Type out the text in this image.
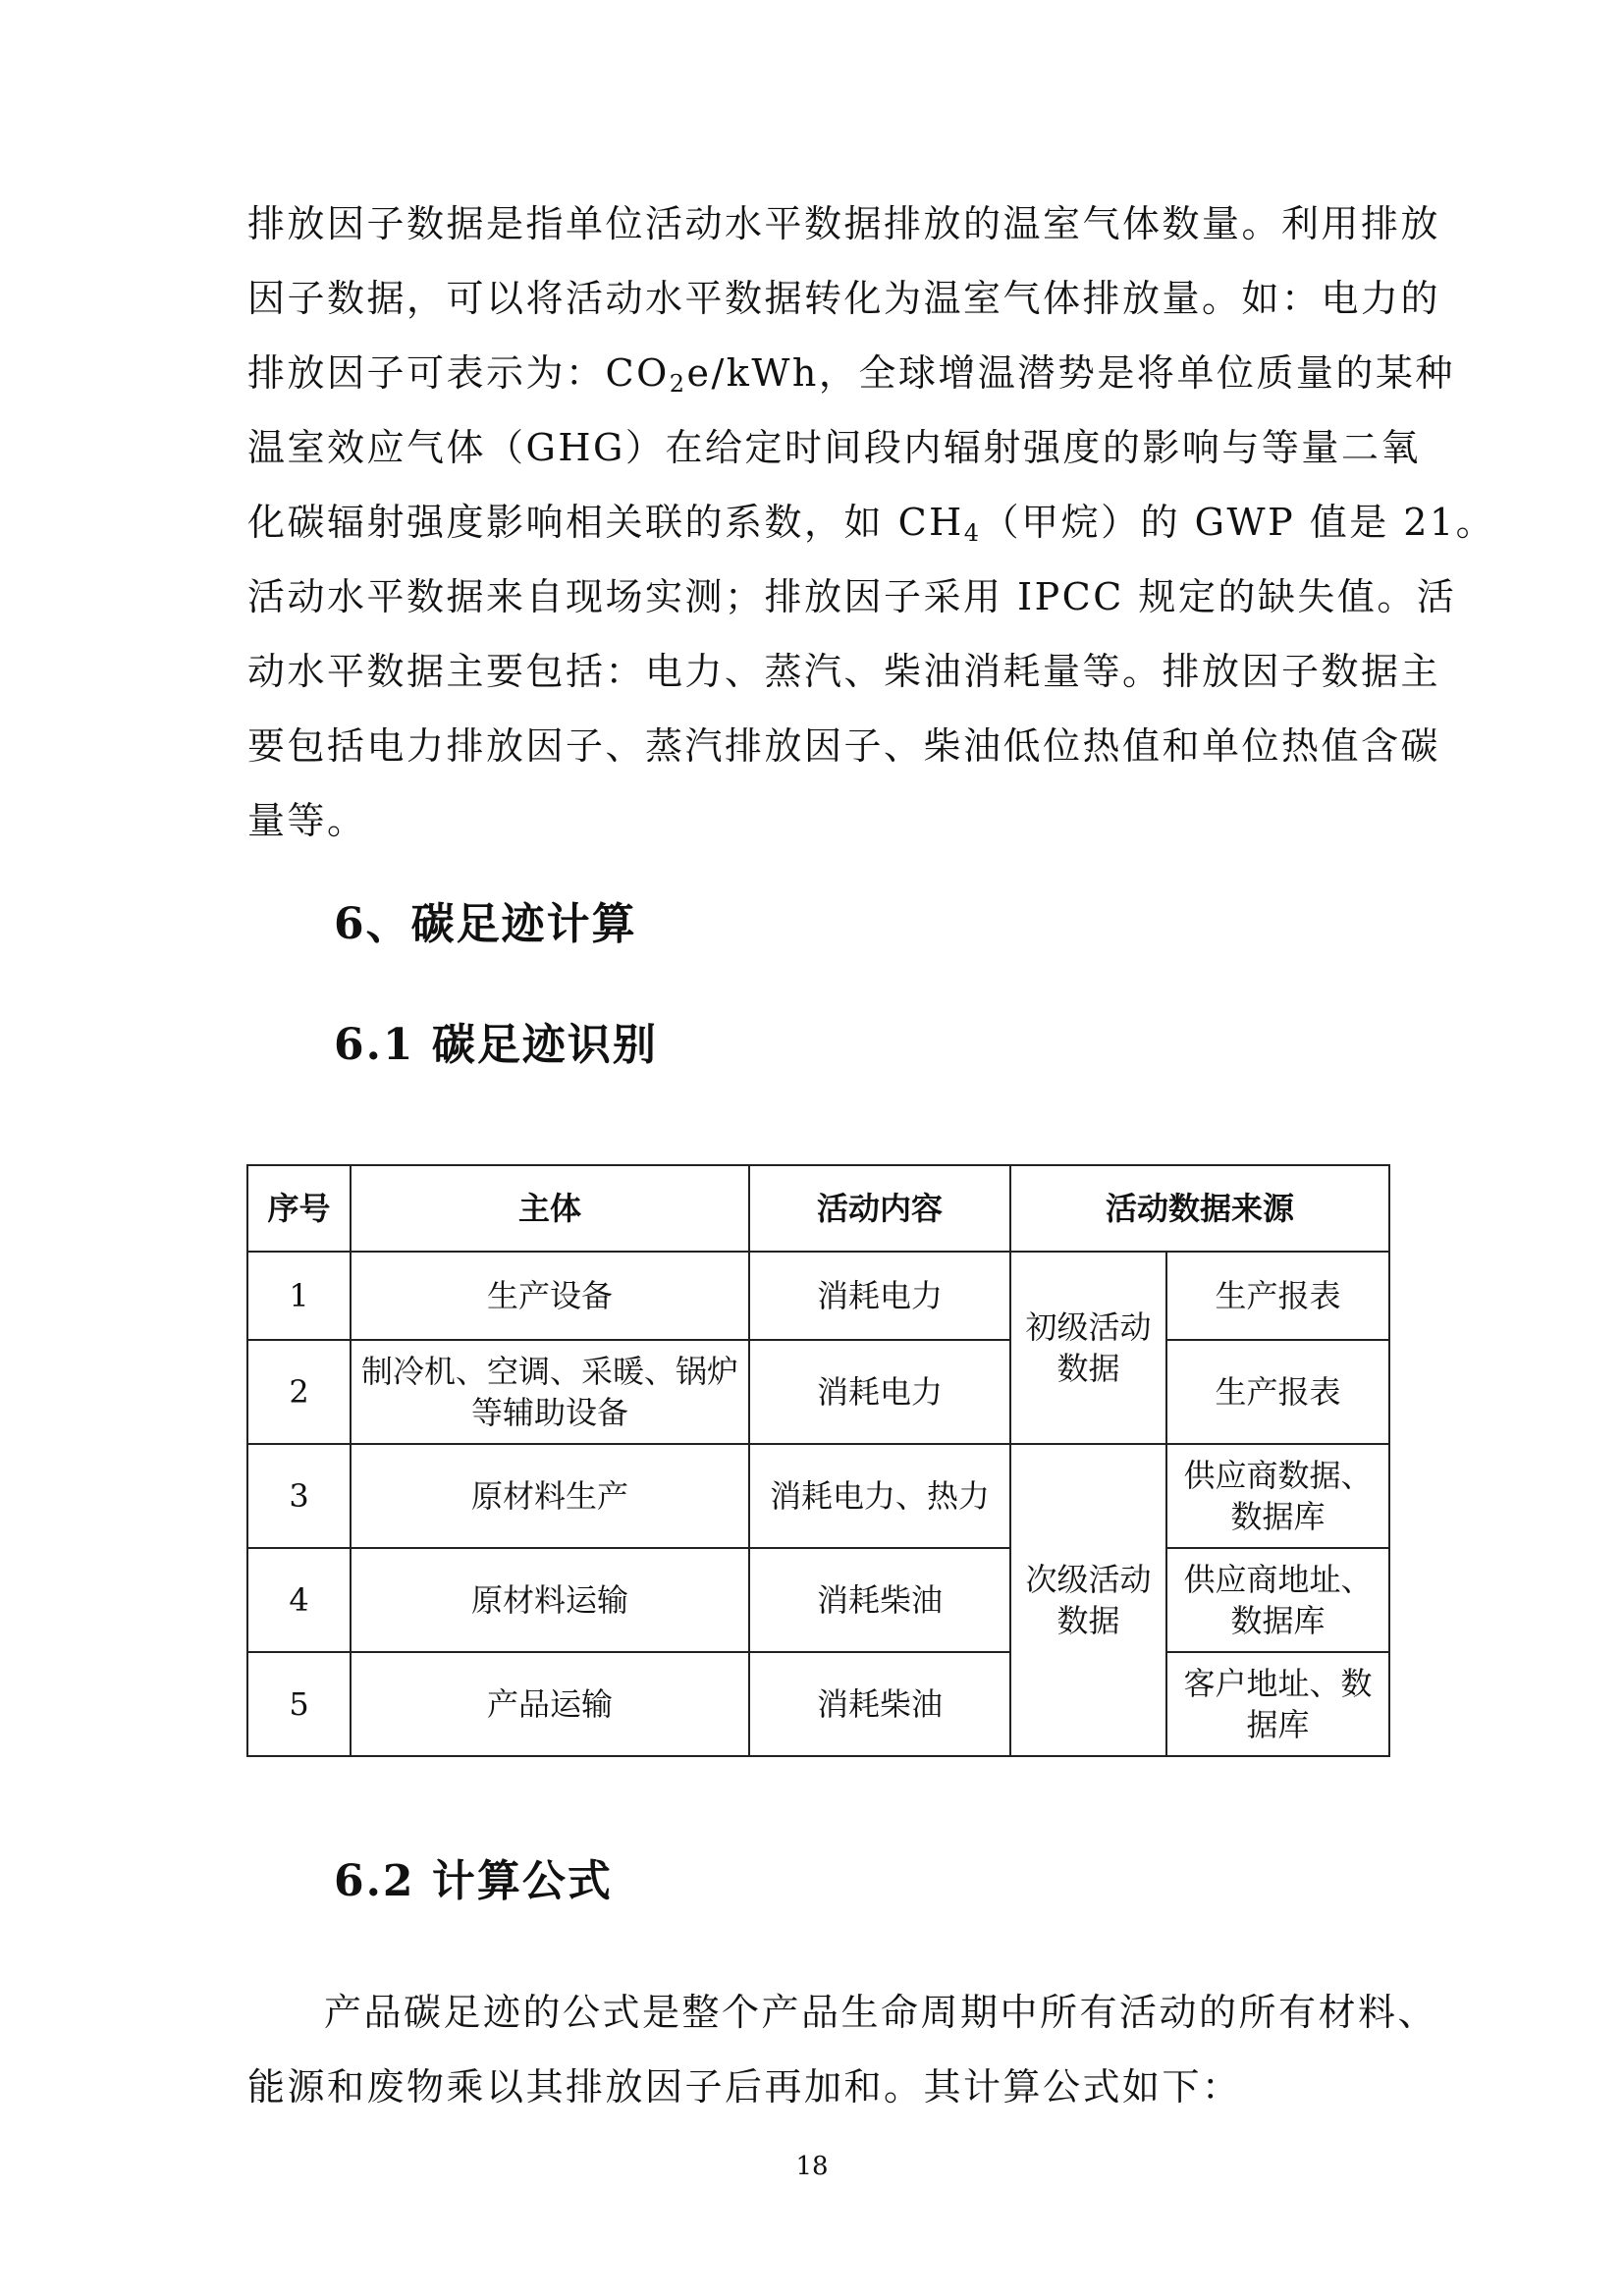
排放因子数据是指单位活动水平数据排放的温室气体数量。利用排放
因子数据，可以将活动水平数据转化为温室气体排放量。如：电力的
排放因子可表示为：$CO_2e$/kWh，全球增温潜势是将单位质量的某种
温室效应气体（GHG）在给定时间段内辐射强度的影响与等量二氧
化碳辐射强度影响相关联的系数，如 $CH_4$（甲烷）的 GWP 值是 21。
活动水平数据来自现场实测；排放因子采用 IPCC 规定的缺失值。活
动水平数据主要包括：电力、蒸汽、柴油消耗量等。排放因子数据主
要包括电力排放因子、蒸汽排放因子、柴油低位热值和单位热值含碳
量等。
6、碳足迹计算
6.1 碳足迹识别
序号	主体	活动内容	活动数据来源	
1	生产设备	消耗电力	初级活动数据	生产报表
2	制冷机、空调、采暖、锅炉等辅助设备	消耗电力		生产报表
3	原材料生产	消耗电力、热力	次级活动数据	供应商数据、数据库
4	原材料运输	消耗柴油		供应商地址、数据库
5	产品运输	消耗柴油		客户地址、数据库
6.2 计算公式
产品碳足迹的公式是整个产品生命周期中所有活动的所有材料、
能源和废物乘以其排放因子后再加和。其计算公式如下：
18
